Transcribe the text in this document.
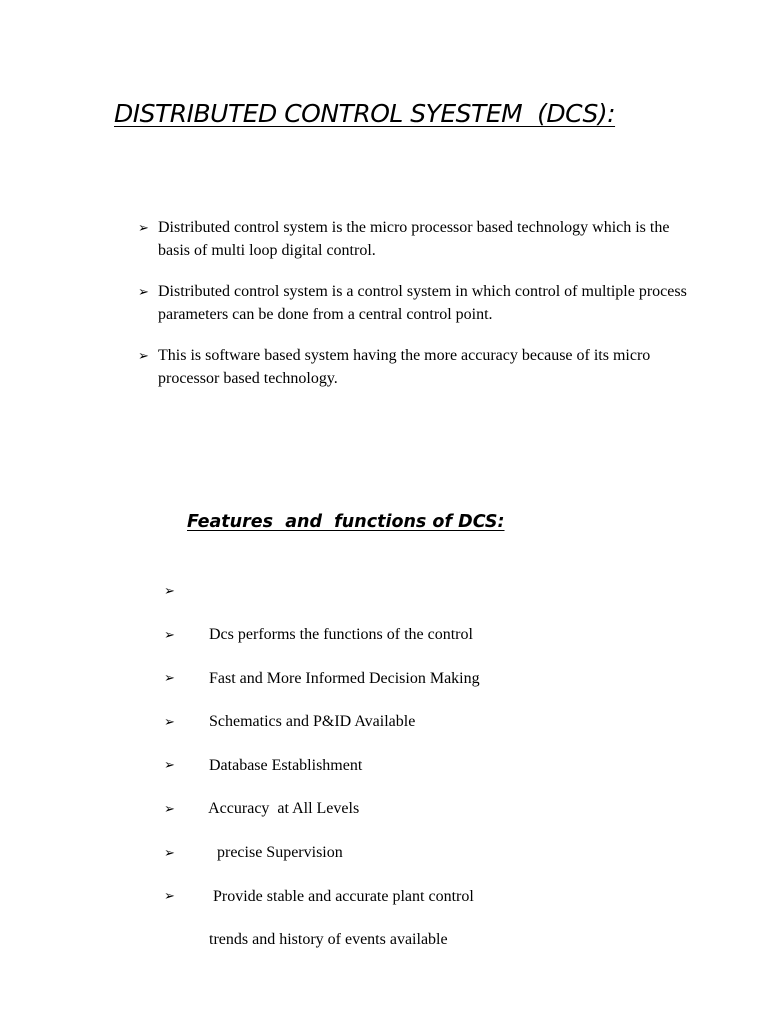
DISTRIBUTED CONTROL SYESTEM  (DCS):
➢ Distributed control system is the micro processor based technology which is the basis of multi loop digital control.
➢ Distributed control system is a control system in which control of multiple process parameters can be done from a central control point.
➢ This is software based system having the more accuracy because of its micro processor based technology.
Features  and  functions of DCS:

➢

Dcs performs the functions of the control

➢

Fast and More Informed Decision Making

➢

Schematics and P&ID Available

➢

Database Establishment

➢

Accuracy  at All Levels

➢

precise Supervision

➢

Provide stable and accurate plant control

➢

trends and history of events available
